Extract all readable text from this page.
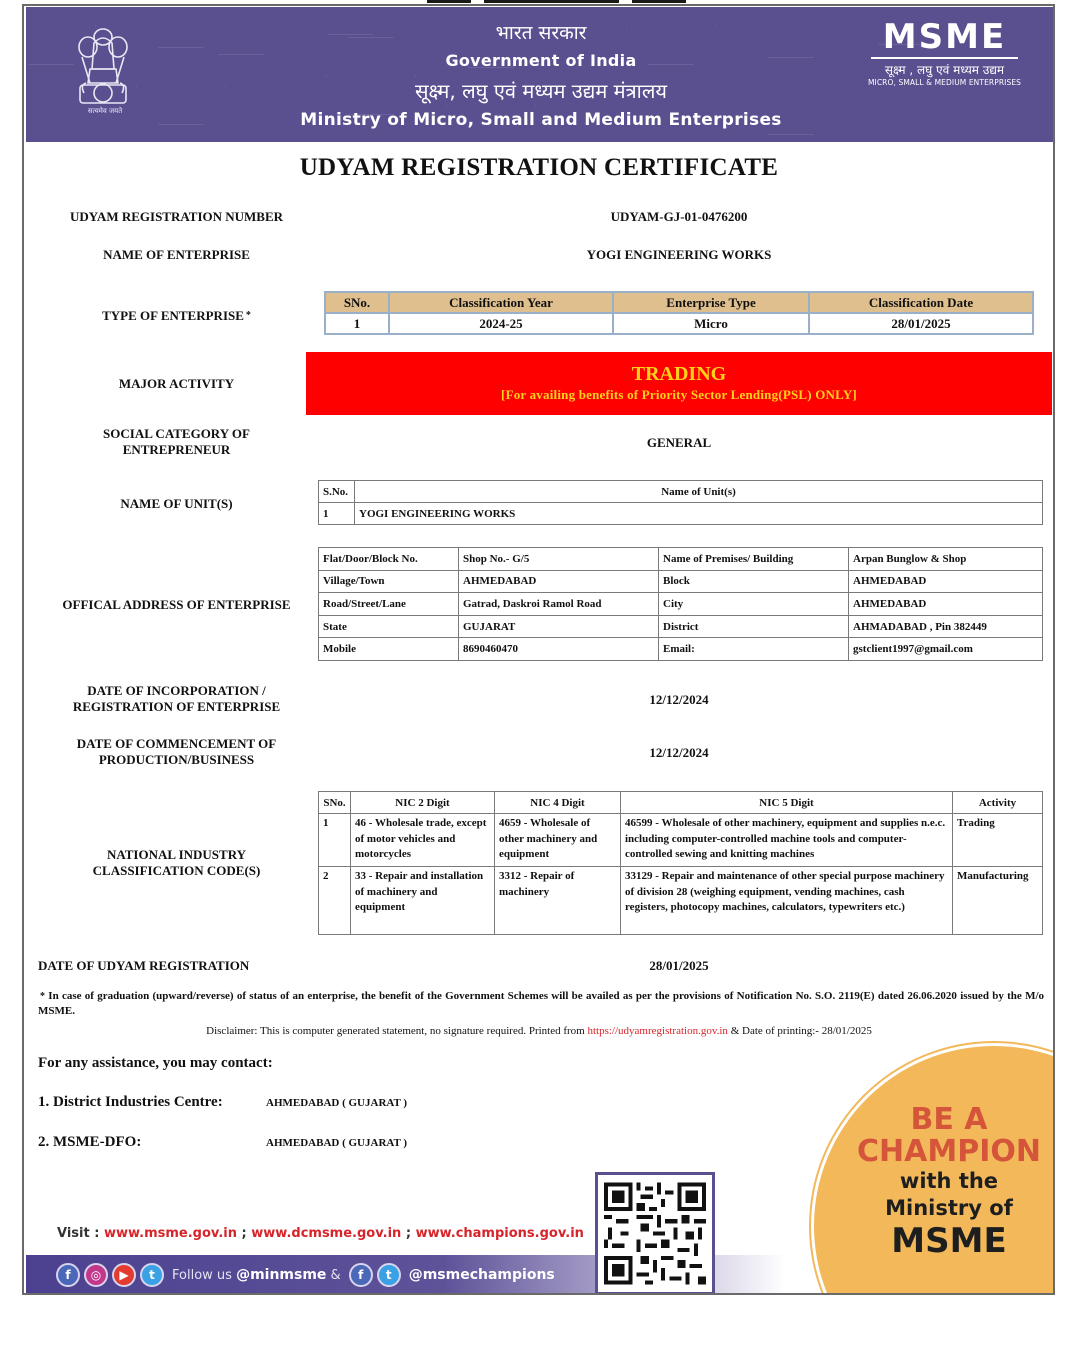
सत्यमेव जयते
भारत सरकार
Government of India
सूक्ष्म, लघु एवं मध्यम उद्यम मंत्रालय
Ministry of Micro, Small and Medium Enterprises
MSME
सूक्ष्म , लघु एवं मध्यम उद्यम
MICRO, SMALL & MEDIUM ENTERPRISES
UDYAM REGISTRATION CERTIFICATE
UDYAM REGISTRATION NUMBER	UDYAM-GJ-01-0476200
NAME OF ENTERPRISE	YOGI ENGINEERING WORKS
TYPE OF ENTERPRISE *
SNo.	Classification Year	Enterprise Type	Classification Date
1	2024-25	Micro	28/01/2025
MAJOR ACTIVITY	TRADING
[For availing benefits of Priority Sector Lending(PSL) ONLY]
SOCIAL CATEGORY OF
ENTREPRENEUR	GENERAL
NAME OF UNIT(S)
S.No.	Name of Unit(s)
1	YOGI ENGINEERING WORKS
OFFICAL ADDRESS OF ENTERPRISE
Flat/Door/Block No.	Shop No.- G/5	Name of Premises/ Building	Arpan Bunglow & Shop
Village/Town	AHMEDABAD	Block	AHMEDABAD
Road/Street/Lane	Gatrad, Daskroi Ramol Road	City	AHMEDABAD
State	GUJARAT	District	AHMADABAD , Pin 382449
Mobile	8690460470	Email:	gstclient1997@gmail.com
DATE OF INCORPORATION /
REGISTRATION OF ENTERPRISE	12/12/2024
DATE OF COMMENCEMENT OF
PRODUCTION/BUSINESS	12/12/2024
NATIONAL INDUSTRY
CLASSIFICATION CODE(S)
SNo.	NIC 2 Digit	NIC 4 Digit	NIC 5 Digit	Activity
1	46 - Wholesale trade, except of motor vehicles and motorcycles	4659 - Wholesale of other machinery and equipment	46599 - Wholesale of other machinery, equipment and supplies n.e.c. including computer-controlled machine tools and computer-controlled sewing and knitting machines	Trading
2	33 - Repair and installation of machinery and equipment	3312 - Repair of machinery	33129 - Repair and maintenance of other special purpose machinery of division 28 (weighing equipment, vending machines, cash registers, photocopy machines, calculators, typewriters etc.)	Manufacturing
DATE OF UDYAM REGISTRATION	28/01/2025
* In case of graduation (upward/reverse) of status of an enterprise, the benefit of the Government Schemes will be availed as per the provisions of Notification No. S.O. 2119(E) dated 26.06.2020 issued by the M/o MSME.
Disclaimer: This is computer generated statement, no signature required. Printed from https://udyamregistration.gov.in & Date of printing:- 28/01/2025
For any assistance, you may contact:
1. District Industries Centre:	AHMEDABAD ( GUJARAT )
2. MSME-DFO:	AHMEDABAD ( GUJARAT )
BE A
CHAMPION
with the
Ministry of
MSME
Visit : www.msme.gov.in ; www.dcmsme.gov.in ; www.champions.gov.in
f	◎	▶	t	Follow us @minmsme &	f	t	@msmechampions
